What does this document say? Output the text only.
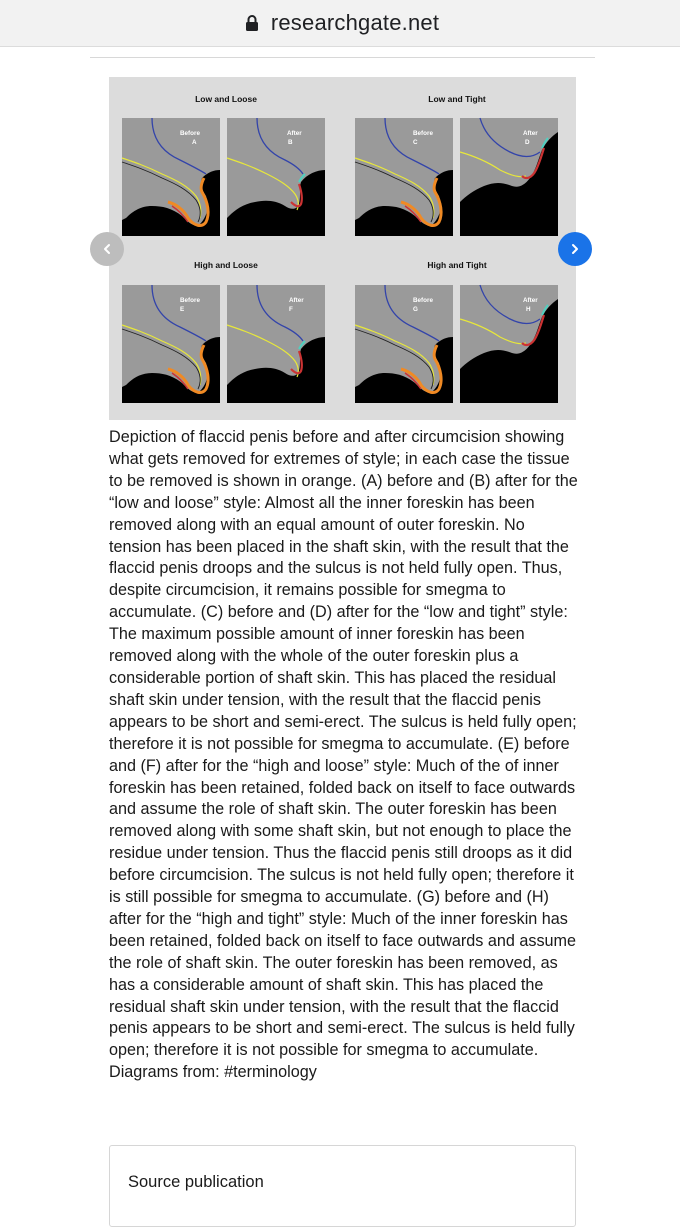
researchgate.net
Low and Loose	Low and Tight
High and Loose	High and Tight
Before
A
After
B
Before
C
After
D
Before
E
After
F
Before
G
After
H
Depiction of flaccid penis before and after circumcision showing what gets removed for extremes of style; in each case the tissue to be removed is shown in orange. (A) before and (B) after for the “low and loose” style: Almost all the inner foreskin has been removed along with an equal amount of outer foreskin. No tension has been placed in the shaft skin, with the result that the flaccid penis droops and the sulcus is not held fully open. Thus, despite circumcision, it remains possible for smegma to accumulate. (C) before and (D) after for the “low and tight” style: The maximum possible amount of inner foreskin has been removed along with the whole of the outer foreskin plus a considerable portion of shaft skin. This has placed the residual shaft skin under tension, with the result that the flaccid penis appears to be short and semi-erect. The sulcus is held fully open; therefore it is not possible for smegma to accumulate. (E) before and (F) after for the “high and loose” style: Much of the of inner foreskin has been retained, folded back on itself to face outwards and assume the role of shaft skin. The outer foreskin has been removed along with some shaft skin, but not enough to place the residue under tension. Thus the flaccid penis still droops as it did before circumcision. The sulcus is not held fully open; therefore it is still possible for smegma to accumulate. (G) before and (H) after for the “high and tight” style: Much of the inner foreskin has been retained, folded back on itself to face outwards and assume the role of shaft skin. The outer foreskin has been removed, as has a considerable amount of shaft skin. This has placed the residual shaft skin under tension, with the result that the flaccid penis appears to be short and semi-erect. The sulcus is held fully open; therefore it is not possible for smegma to accumulate. Diagrams from: #terminology
Source publication
